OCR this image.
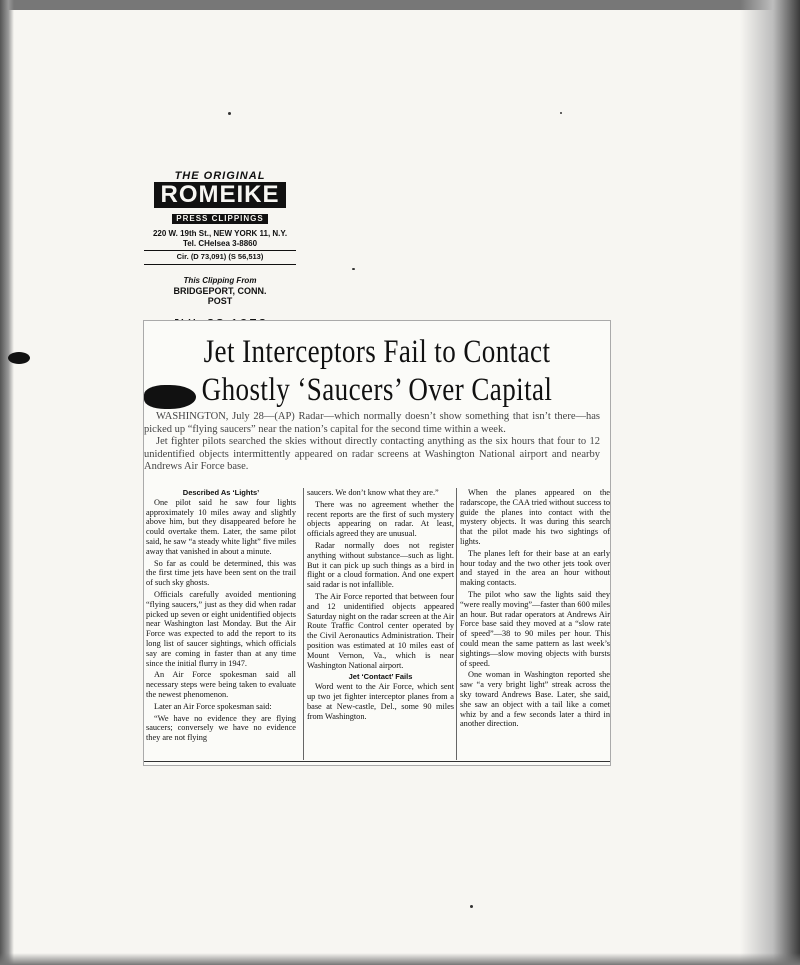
THE ORIGINAL
ROMEIKE
PRESS CLIPPINGS
220 W. 19th St., NEW YORK 11, N.Y.
Tel. CHelsea 3-8860
Cir. (D 73,091) (S 56,513)
This Clipping From
BRIDGEPORT, CONN.
POST
Jet Interceptors Fail to Contact
Ghostly ‘Saucers’ Over Capital

WASHINGTON, July 28—(AP) Radar—which normally doesn’t show something that isn’t there—has picked up “flying saucers” near the nation’s capital for the second time within a week.

Jet fighter pilots searched the skies without directly contacting anything as the six hours that four to 12 unidentified objects intermittently appeared on radar screens at Washington National airport and nearby Andrews Air Force base.

Described As ‘Lights’

One pilot said he saw four lights approximately 10 miles away and slightly above him, but they disappeared before he could overtake them. Later, the same pilot said, he saw “a steady white light” five miles away that vanished in about a minute.

So far as could be determined, this was the first time jets have been sent on the trail of such sky ghosts.

Officials carefully avoided mentioning “flying saucers,” just as they did when radar picked up seven or eight unidentified objects near Washington last Monday. But the Air Force was expected to add the report to its long list of saucer sightings, which officials say are coming in faster than at any time since the initial flurry in 1947.

An Air Force spokesman said all necessary steps were being taken to evaluate the newest phenomenon.

Later an Air Force spokesman said:

“We have no evidence they are flying saucers; conversely we have no evidence they are not flying

saucers. We don’t know what they are.”

There was no agreement whether the recent reports are the first of such mystery objects appearing on radar. At least, officials agreed they are unusual.

Radar normally does not register anything without substance—such as light. But it can pick up such things as a bird in flight or a cloud formation. And one expert said radar is not infallible.

The Air Force reported that between four and 12 unidentified objects appeared Saturday night on the radar screen at the Air Route Traffic Control center operated by the Civil Aeronautics Administration. Their position was estimated at 10 miles east of Mount Vernon, Va., which is near Washington National airport.

Jet ‘Contact’ Fails

Word went to the Air Force, which sent up two jet fighter interceptor planes from a base at New-castle, Del., some 90 miles from Washington.

When the planes appeared on the radarscope, the CAA tried without success to guide the planes into contact with the mystery objects. It was during this search that the pilot made his two sightings of lights.

The planes left for their base at an early hour today and the two other jets took over and stayed in the area an hour without making contacts.

The pilot who saw the lights said they “were really moving”—faster than 600 miles an hour. But radar operators at Andrews Air Force base said they moved at a “slow rate of speed”—38 to 90 miles per hour. This could mean the same pattern as last week’s sightings—slow moving objects with bursts of speed.

One woman in Washington reported she saw “a very bright light” streak across the sky toward Andrews Base. Later, she said, she saw an object with a tail like a comet whiz by and a few seconds later a third in another direction.
